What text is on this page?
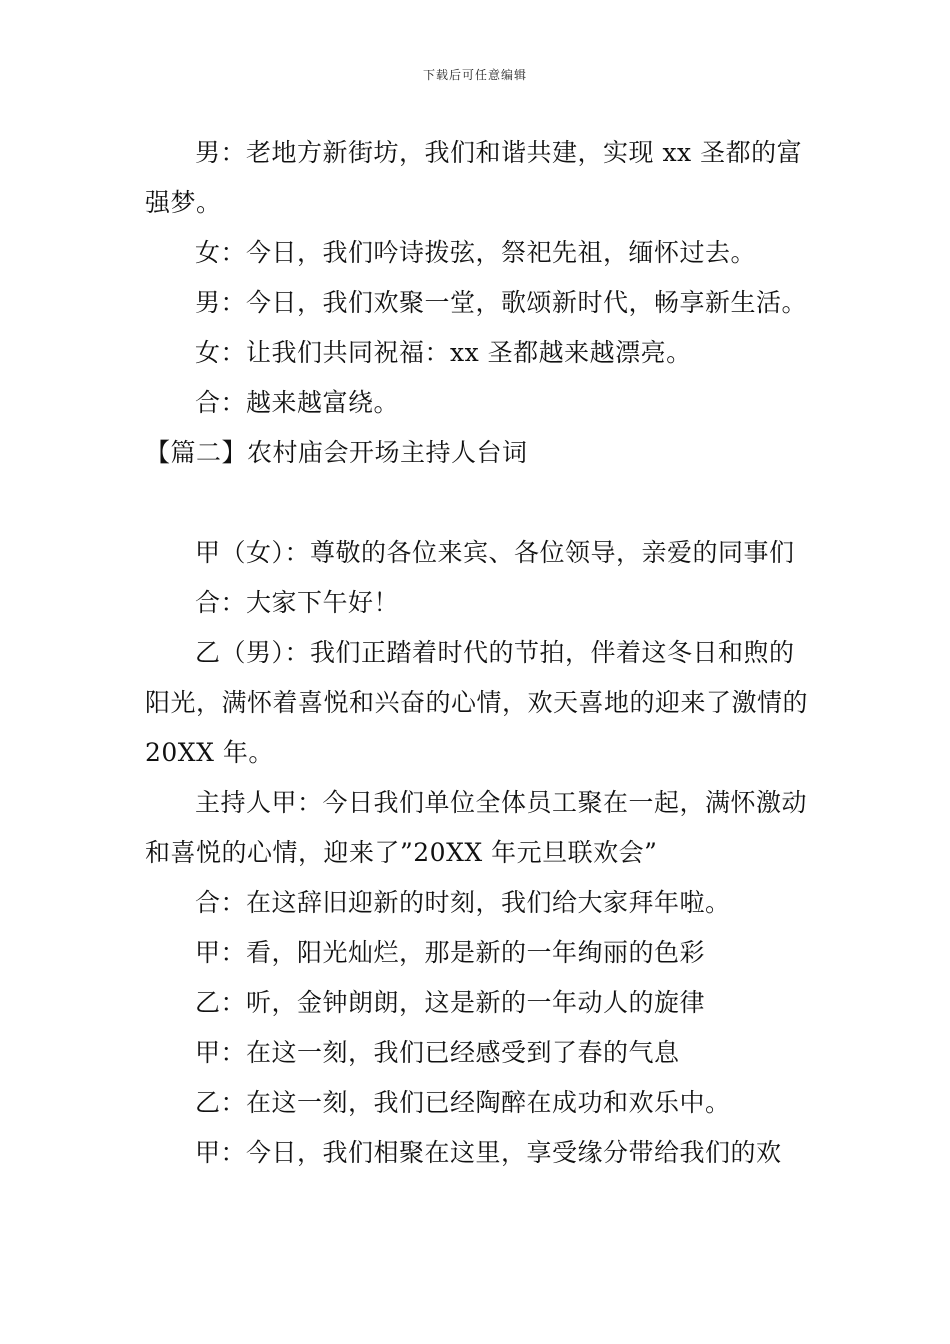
下载后可任意编辑

男：老地方新街坊，我们和谐共建，实现 xx 圣都的富强梦。

女：今日，我们吟诗拨弦，祭祀先祖，缅怀过去。

男：今日，我们欢聚一堂，歌颂新时代，畅享新生活。

女：让我们共同祝福：xx 圣都越来越漂亮。

合：越来越富绕。

【篇二】农村庙会开场主持人台词

甲（女）：尊敬的各位来宾、各位领导，亲爱的同事们

合：大家下午好！

乙（男）：我们正踏着时代的节拍，伴着这冬日和煦的阳光，满怀着喜悦和兴奋的心情，欢天喜地的迎来了激情的 20XX 年。

主持人甲：今日我们单位全体员工聚在一起，满怀激动和喜悦的心情，迎来了”20XX 年元旦联欢会”

合：在这辞旧迎新的时刻，我们给大家拜年啦。

甲：看，阳光灿烂，那是新的一年绚丽的色彩

乙：听，金钟朗朗，这是新的一年动人的旋律

甲：在这一刻，我们已经感受到了春的气息

乙：在这一刻，我们已经陶醉在成功和欢乐中。

甲：今日，我们相聚在这里，享受缘分带给我们的欢
